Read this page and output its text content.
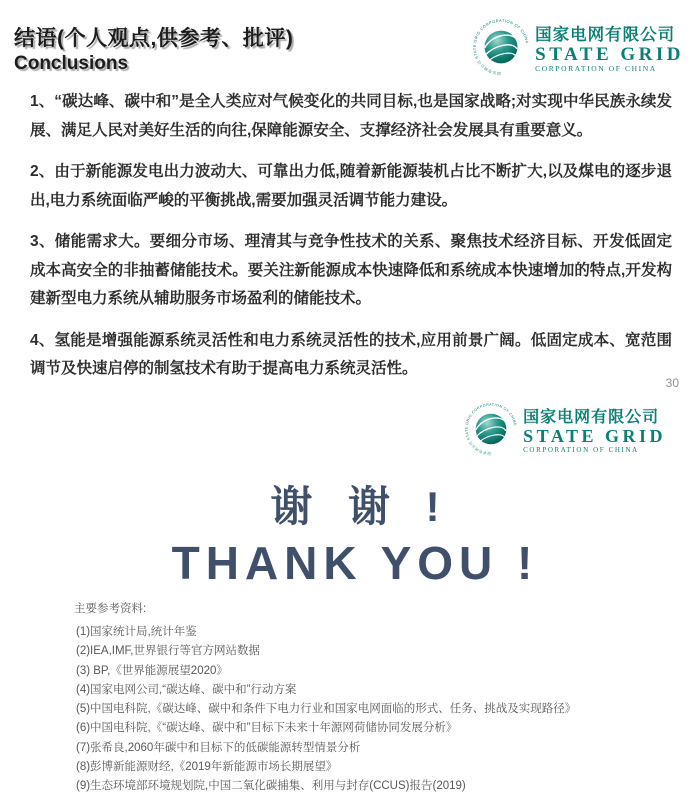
结语(个人观点,供参考、批评)
Conclusions	国家电网公司 STATE GRID CORPORATION OF CHINA 国家电网有限公司
STATE GRID
CORPORATION OF CHINA

1、“碳达峰、碳中和”是全人类应对气候变化的共同目标,也是国家战略;对实现中华民族永续发展、满足人民对美好生活的向往,保障能源安全、支撑经济社会发展具有重要意义。

2、由于新能源发电出力波动大、可靠出力低,随着新能源装机占比不断扩大,以及煤电的逐步退出,电力系统面临严峻的平衡挑战,需要加强灵活调节能力建设。

3、储能需求大。要细分市场、理清其与竞争性技术的关系、聚焦技术经济目标、开发低固定成本高安全的非抽蓄储能技术。要关注新能源成本快速降低和系统成本快速增加的特点,开发构建新型电力系统从辅助服务市场盈利的储能技术。

4、氢能是增强能源系统灵活性和电力系统灵活性的技术,应用前景广阔。低固定成本、宽范围调节及快速启停的制氢技术有助于提高电力系统灵活性。

30
国家电网公司 STATE GRID CORPORATION OF CHINA 国家电网有限公司
STATE GRID
CORPORATION OF CHINA
谢 谢 !
THANK YOU !
主要参考资料:
(1)国家统计局,统计年鉴
(2)IEA,IMF,世界银行等官方网站数据
(3) BP,《世界能源展望2020》
(4)国家电网公司,“碳达峰、碳中和”行动方案
(5)中国电科院,《碳达峰、碳中和条件下电力行业和国家电网面临的形式、任务、挑战及实现路径》
(6)中国电科院,《“碳达峰、碳中和”目标下未来十年源网荷储协同发展分析》
(7)张希良,2060年碳中和目标下的低碳能源转型情景分析
(8)彭博新能源财经,《2019年新能源市场长期展望》
(9)生态环境部环境规划院,中国二氧化碳捕集、利用与封存(CCUS)报告(2019)
